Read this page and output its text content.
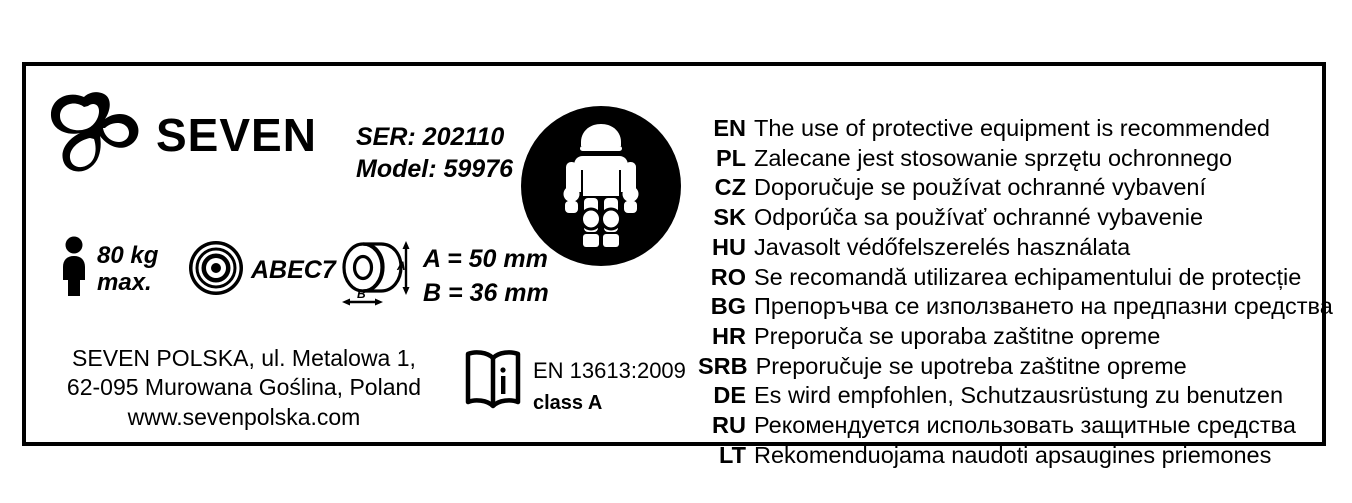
SEVEN SER: 202110
Model: 59976
80 kg
max.	ABEC7	A
B
A = 50 mm
B = 36 mm
SEVEN POLSKA, ul. Metalowa 1,
62-095 Murowana Goślina, Poland
www.sevenpolska.com
EN 13613:2009
class A
EN The use of protective equipment is recommended
PL Zalecane jest stosowanie sprzętu ochronnego
CZ Doporučuje se používat ochranné vybavení
SK Odporúča sa používať ochranné vybavenie
HU Javasolt védőfelszerelés használata
RO Se recomandă utilizarea echipamentului de protecție
BG Препоръчва се използването на предпазни средства
HR Preporuča se uporaba zaštitne opreme
SRB Preporučuje se upotreba zaštitne opreme
DE Es wird empfohlen, Schutzausrüstung zu benutzen
RU Рекомендуется использовать защитные средства
LT Rekomenduojama naudoti apsaugines priemones
